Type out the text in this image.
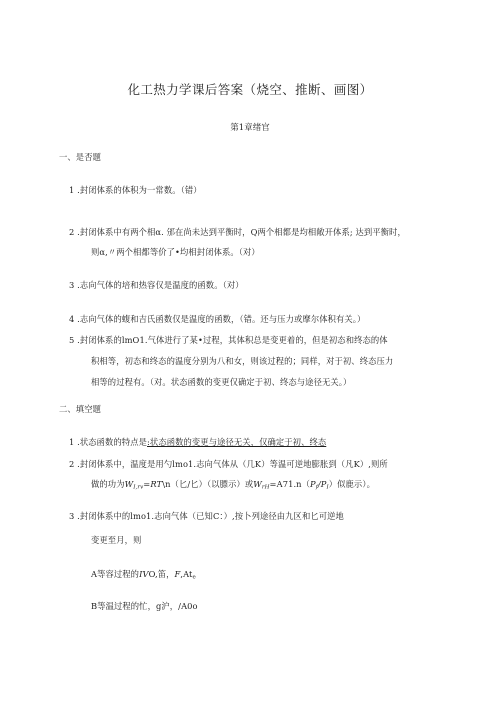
化工热力学课后答案（烧空、推断、画图）
第1章绪官
一、是否题
1 .封闭体系的体积为一常数。（错）
2 .封闭体系中有两个相α. 邠在尚未达到平衡时，Q两个相都是均相敞开体系; 达到平衡时，
则α,〃两个相都等价了•均相封闭体系。（对）
3 .志向气体的培和热容仅是温度的函数。（对）
4 .志向气体的蝮和吉氏函数仅是温度的函数，（错。还与压力或摩尔体积有关。）
5 .封闭体系的lmO1.气体进行了某•过程，其体积总是变更着的，但是初态和终态的体
积相等，初态和终态的温度分别为八和女，则该过程的；同样，对于初、终态压力
相等的过程有。（对。状态函数的变更仅确定于初、终态与途径无关。）
二、填空题
1 .状态函数的特点是:状态函数的变更与途径无关，仅确定于初、终态
2 .封闭体系中，温度是用勺lmo1.志向气体从（几K）等温可逆地膨胀到（凡K）,则所
做的功为$W_{I,rv}=RT\backslash n$（匕/匕）（以膘示）或$W_{rH}=A71.n(P_f/P_I)$似鹿示）。
3 .封闭体系中的lmo1.志向气体（已知C：）,按卜列途径由九区和匕可逆地
变更至月，则
A等容过程的IVO,笛，$F,At_e$
B等温过程的忙，g沪，/A0o
